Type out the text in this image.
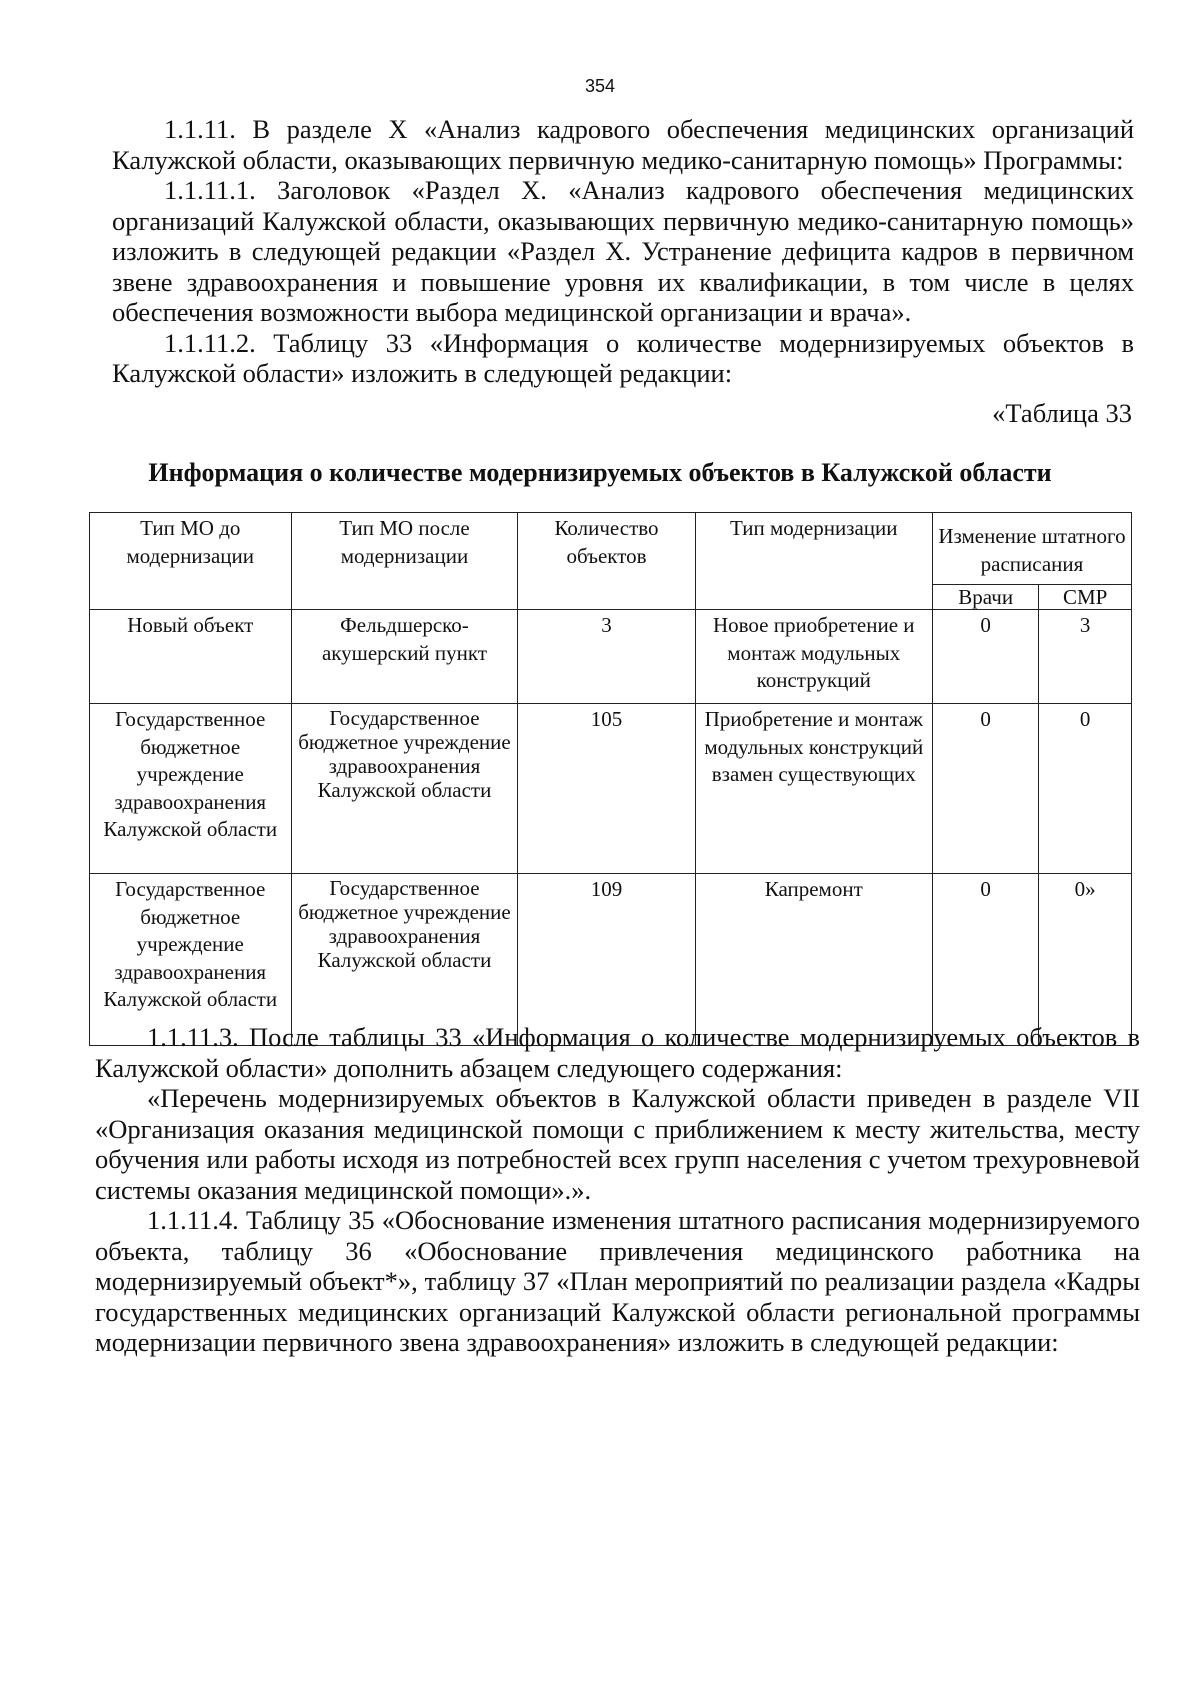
354

1.1.11. В разделе X «Анализ кадрового обеспечения медицинских организаций Калужской области, оказывающих первичную медико-санитарную помощь» Программы:

1.1.11.1. Заголовок «Раздел X. «Анализ кадрового обеспечения медицинских организаций Калужской области, оказывающих первичную медико-санитарную помощь» изложить в следующей редакции «Раздел X. Устранение дефицита кадров в первичном звене здравоохранения и повышение уровня их квалификации, в том числе в целях обеспечения возможности выбора медицинской организации и врача».

1.1.11.2. Таблицу 33 «Информация о количестве модернизируемых объектов в Калужской области» изложить в следующей редакции:

«Таблица 33
Информация о количестве модернизируемых объектов в Калужской области
Тип МО до модернизации	Тип МО после модернизации	Количество объектов	Тип модернизации	Изменение штатного расписания	
				Врачи	СМР
Новый объект	Фельдшерско-акушерский пункт	3	Новое приобретение и монтаж модульных конструкций	0	3
Государственное бюджетное учреждение здравоохранения Калужской области	Государственное бюджетное учреждение здравоохранения Калужской области	105	Приобретение и монтаж модульных конструкций взамен существующих	0	0
Государственное бюджетное учреждение здравоохранения Калужской области	Государственное бюджетное учреждение здравоохранения Калужской области	109	Капремонт	0	0»

1.1.11.3. После таблицы 33 «Информация о количестве модернизируемых объектов в Калужской области» дополнить абзацем следующего содержания:

«Перечень модернизируемых объектов в Калужской области приведен в разделе VII «Организация оказания медицинской помощи с приближением к месту жительства, месту обучения или работы исходя из потребностей всех групп населения с учетом трехуровневой системы оказания медицинской помощи».».

1.1.11.4. Таблицу 35 «Обоснование изменения штатного расписания модернизируемого объекта, таблицу 36 «Обоснование привлечения медицинского работника на модернизируемый объект*», таблицу 37 «План мероприятий по реализации раздела «Кадры государственных медицинских организаций Калужской области региональной программы модернизации первичного звена здравоохранения» изложить в следующей редакции:
